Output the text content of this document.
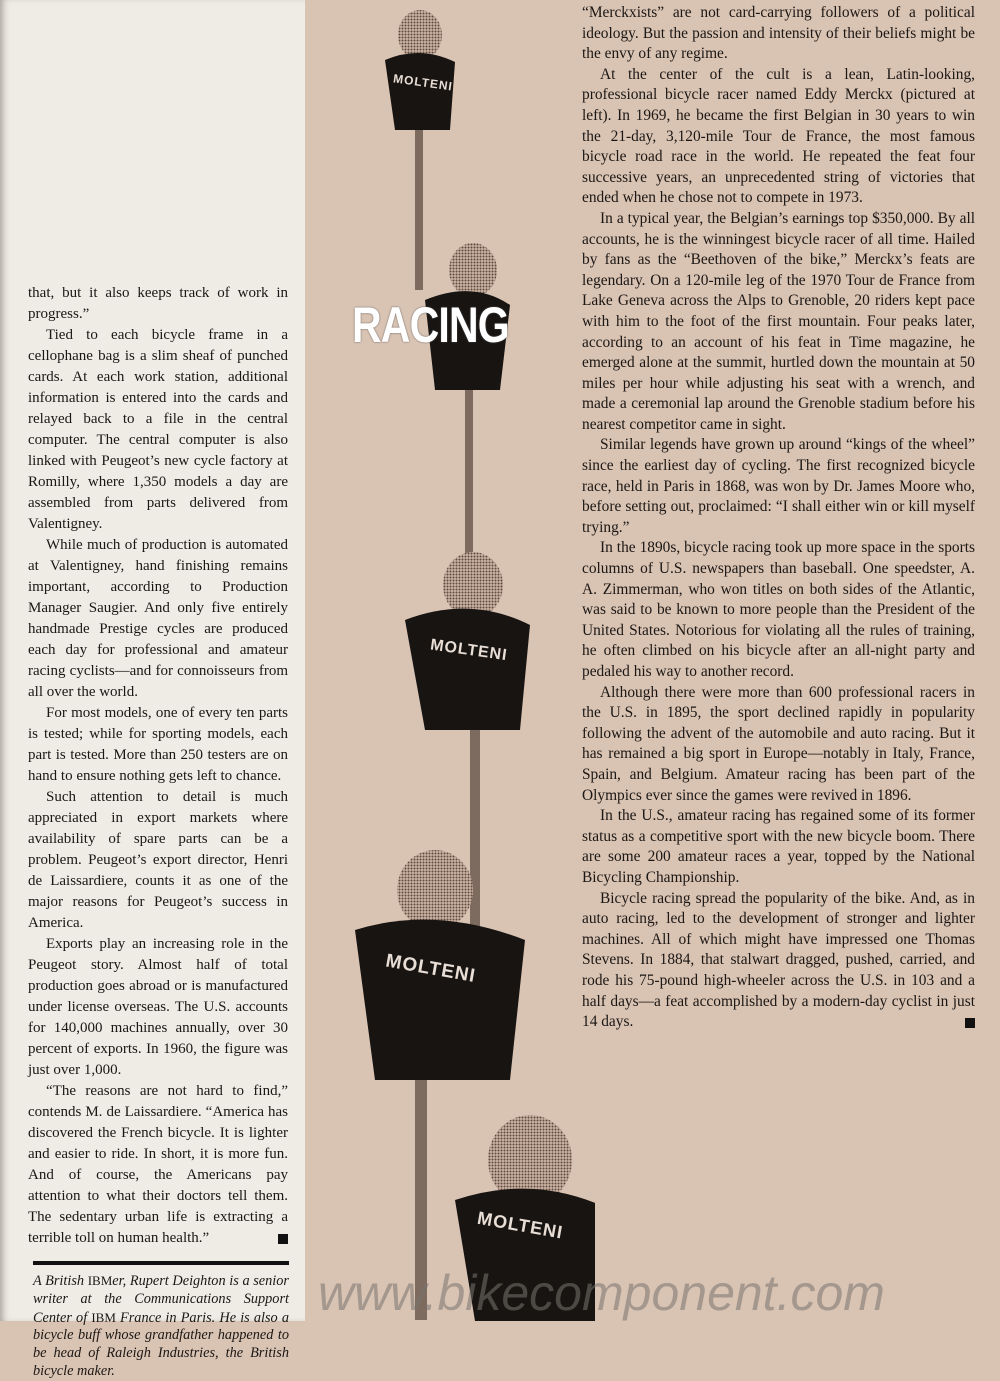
that, but it also keeps track of work in progress.”

Tied to each bicycle frame in a cellophane bag is a slim sheaf of punched cards. At each work station, additional information is entered into the cards and relayed back to a file in the central computer. The central computer is also linked with Peugeot’s new cycle factory at Romilly, where 1,350 models a day are assembled from parts delivered from Valentigney.

While much of production is automated at Valentigney, hand finishing remains important, according to Production Manager Saugier. And only five entirely handmade Prestige cycles are produced each day for professional and amateur racing cyclists—and for connoisseurs from all over the world.

For most models, one of every ten parts is tested; while for sporting models, each part is tested. More than 250 testers are on hand to ensure nothing gets left to chance.

Such attention to detail is much appreciated in export markets where availability of spare parts can be a problem. Peugeot’s export director, Henri de Laissardiere, counts it as one of the major reasons for Peugeot’s success in America.

Exports play an increasing role in the Peugeot story. Almost half of total production goes abroad or is manufactured under license overseas. The U.S. accounts for 140,000 machines annually, over 30 percent of exports. In 1960, the figure was just over 1,000.

“The reasons are not hard to find,” contends M. de Laissardiere. “America has discovered the French bicycle. It is lighter and easier to ride. In short, it is more fun. And of course, the Americans pay attention to what their doctors tell them. The sedentary urban life is extracting a terrible toll on human health.”

A British IBMer, Rupert Deighton is a senior writer at the Communications Support Center of IBM France in Paris. He is also a bicycle buff whose grandfather happened to be head of Raleigh Industries, the British bicycle maker.
MOLTENI
MOLTENI
MOLTENI
MOLTENI
RACING

“Merckxists” are not card-carrying followers of a political ideology. But the passion and intensity of their beliefs might be the envy of any regime.

At the center of the cult is a lean, Latin-looking, professional bicycle racer named Eddy Merckx (pictured at left). In 1969, he became the first Belgian in 30 years to win the 21-day, 3,120-mile Tour de France, the most famous bicycle road race in the world. He repeated the feat four successive years, an unprecedented string of victories that ended when he chose not to compete in 1973.

In a typical year, the Belgian’s earnings top $350,000. By all accounts, he is the winningest bicycle racer of all time. Hailed by fans as the “Beethoven of the bike,” Merckx’s feats are legendary. On a 120-mile leg of the 1970 Tour de France from Lake Geneva across the Alps to Grenoble, 20 riders kept pace with him to the foot of the first mountain. Four peaks later, according to an account of his feat in Time magazine, he emerged alone at the summit, hurtled down the mountain at 50 miles per hour while adjusting his seat with a wrench, and made a ceremonial lap around the Grenoble stadium before his nearest competitor came in sight.

Similar legends have grown up around “kings of the wheel” since the earliest day of cycling. The first recognized bicycle race, held in Paris in 1868, was won by Dr. James Moore who, before setting out, proclaimed: “I shall either win or kill myself trying.”

In the 1890s, bicycle racing took up more space in the sports columns of U.S. newspapers than baseball. One speedster, A. A. Zimmerman, who won titles on both sides of the Atlantic, was said to be known to more people than the President of the United States. Notorious for violating all the rules of training, he often climbed on his bicycle after an all-night party and pedaled his way to another record.

Although there were more than 600 professional racers in the U.S. in 1895, the sport declined rapidly in popularity following the advent of the automobile and auto racing. But it has remained a big sport in Europe—notably in Italy, France, Spain, and Belgium. Amateur racing has been part of the Olympics ever since the games were revived in 1896.

In the U.S., amateur racing has regained some of its former status as a competitive sport with the new bicycle boom. There are some 200 amateur races a year, topped by the National Bicycling Championship.

Bicycle racing spread the popularity of the bike. And, as in auto racing, led to the development of stronger and lighter machines. All of which might have impressed one Thomas Stevens. In 1884, that stalwart dragged, pushed, carried, and rode his 75-pound high-wheeler across the U.S. in 103 and a half days—a feat accomplished by a modern-day cyclist in just 14 days.

www.bikecomponent.com
